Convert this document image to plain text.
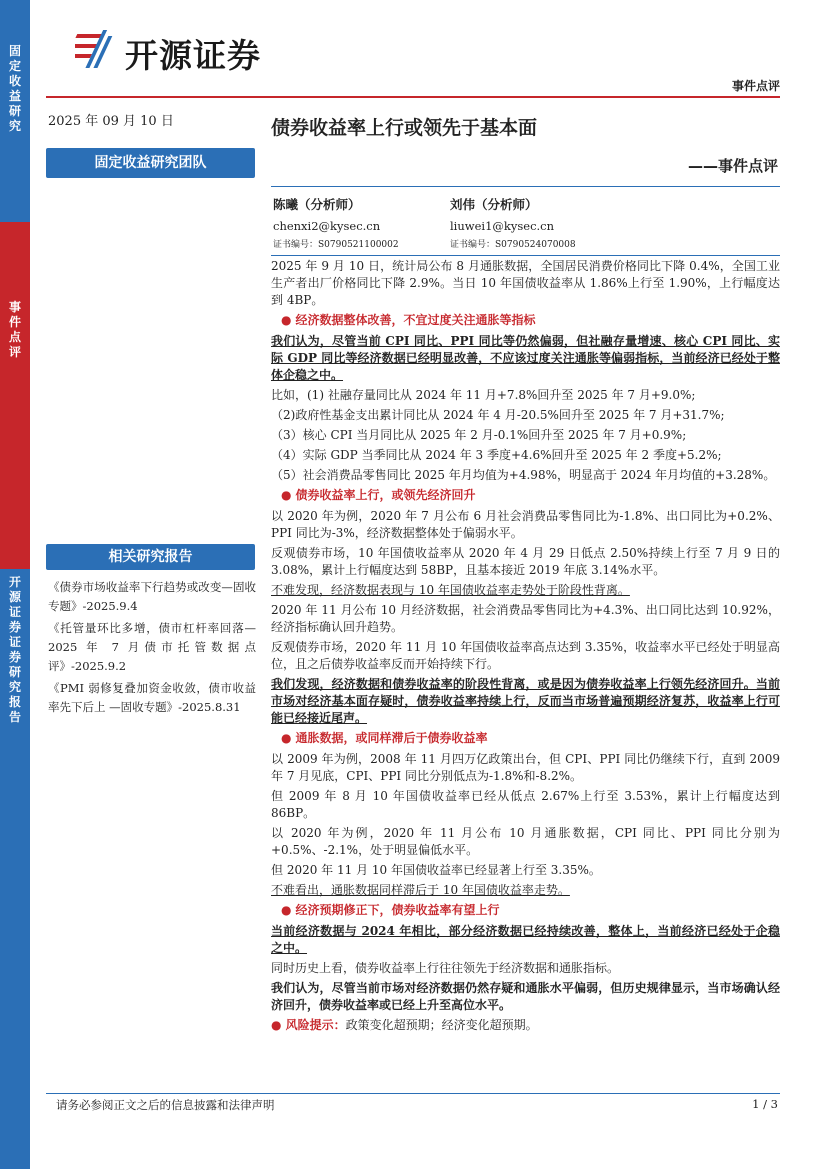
固定收益研究
事件点评
开源证券 证券研究报告
开源证券
事件点评
2025 年 09 月 10 日
固定收益研究团队
债券收益率上行或领先于基本面
——事件点评
陈曦（分析师）
chenxi2@kysec.cn
证书编号：S0790521100002
刘伟（分析师）
liuwei1@kysec.cn
证书编号：S0790524070008
相关研究报告

《债券市场收益率下行趋势或改变—固收专题》-2025.9.4

《托管量环比多增，债市杠杆率回落—2025 年 7 月债市托管数据点评》-2025.9.2

《PMI 弱修复叠加资金收敛，债市收益率先下后上 —固收专题》-2025.8.31

2025 年 9 月 10 日，统计局公布 8 月通胀数据，全国居民消费价格同比下降 0.4%，全国工业生产者出厂价格同比下降 2.9%。当日 10 年国债收益率从 1.86%上行至 1.90%，上行幅度达到 4BP。

● 经济数据整体改善，不宜过度关注通胀等指标

我们认为，尽管当前 CPI 同比、PPI 同比等仍然偏弱，但社融存量增速、核心 CPI 同比、实际 GDP 同比等经济数据已经明显改善，不应该过度关注通胀等偏弱指标，当前经济已经处于整体企稳之中。

比如，(1) 社融存量同比从 2024 年 11 月+7.8%回升至 2025 年 7 月+9.0%;

（2)政府性基金支出累计同比从 2024 年 4 月-20.5%回升至 2025 年 7 月+31.7%;

（3）核心 CPI 当月同比从 2025 年 2 月-0.1%回升至 2025 年 7 月+0.9%;

（4）实际 GDP 当季同比从 2024 年 3 季度+4.6%回升至 2025 年 2 季度+5.2%;

（5）社会消费品零售同比 2025 年月均值为+4.98%，明显高于 2024 年月均值的+3.28%。

● 债券收益率上行，或领先经济回升

以 2020 年为例，2020 年 7 月公布 6 月社会消费品零售同比为-1.8%、出口同比为+0.2%、PPI 同比为-3%，经济数据整体处于偏弱水平。

反观债券市场，10 年国债收益率从 2020 年 4 月 29 日低点 2.50%持续上行至 7 月 9 日的 3.08%，累计上行幅度达到 58BP，且基本接近 2019 年底 3.14%水平。

不难发现，经济数据表现与 10 年国债收益率走势处于阶段性背离。

2020 年 11 月公布 10 月经济数据，社会消费品零售同比为+4.3%、出口同比达到 10.92%，经济指标确认回升趋势。

反观债券市场，2020 年 11 月 10 年国债收益率高点达到 3.35%，收益率水平已经处于明显高位，且之后债券收益率反而开始持续下行。

我们发现，经济数据和债券收益率的阶段性背离，或是因为债券收益率上行领先经济回升。当前市场对经济基本面存疑时，债券收益率持续上行，反而当市场普遍预期经济复苏，收益率上行可能已经接近尾声。

● 通胀数据，或同样滞后于债券收益率

以 2009 年为例，2008 年 11 月四万亿政策出台，但 CPI、PPI 同比仍继续下行，直到 2009 年 7 月见底，CPI、PPI 同比分别低点为-1.8%和-8.2%。

但 2009 年 8 月 10 年国债收益率已经从低点 2.67%上行至 3.53%，累计上行幅度达到 86BP。

以 2020 年为例，2020 年 11 月公布 10 月通胀数据，CPI 同比、PPI 同比分别为+0.5%、-2.1%，处于明显偏低水平。

但 2020 年 11 月 10 年国债收益率已经显著上行至 3.35%。

不难看出，通胀数据同样滞后于 10 年国债收益率走势。

● 经济预期修正下，债券收益率有望上行

当前经济数据与 2024 年相比，部分经济数据已经持续改善，整体上，当前经济已经处于企稳之中。

同时历史上看，债券收益率上行往往领先于经济数据和通胀指标。

我们认为，尽管当前市场对经济数据仍然存疑和通胀水平偏弱，但历史规律显示，当市场确认经济回升，债券收益率或已经上升至高位水平。

● 风险提示：政策变化超预期；经济变化超预期。

请务必参阅正文之后的信息披露和法律声明	1 / 3
